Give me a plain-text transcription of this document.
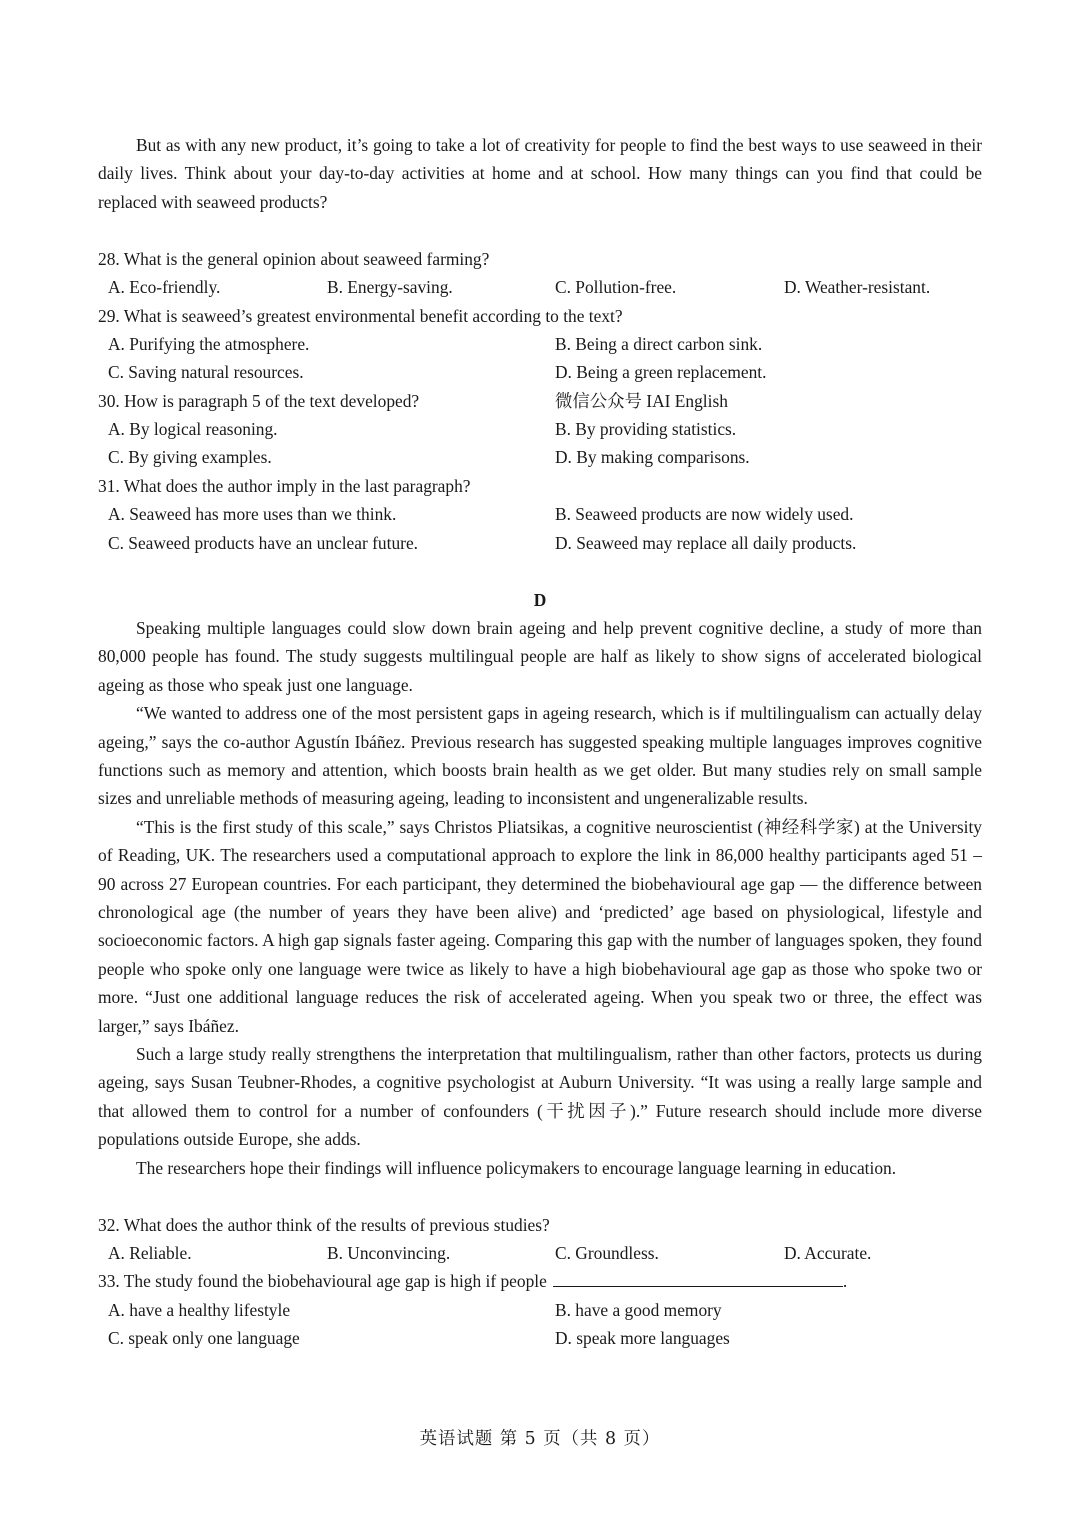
But as with any new product, it’s going to take a lot of creativity for people to find the best ways to use seaweed in their daily lives. Think about your day-to-day activities at home and at school. How many things can you find that could be replaced with seaweed products?

28. What is the general opinion about seaweed farming?

A. Eco-friendly.	B. Energy-saving.	C. Pollution-free.	D. Weather-resistant.

29. What is seaweed’s greatest environmental benefit according to the text?

A. Purifying the atmosphere.	B. Being a direct carbon sink.
C. Saving natural resources.	D. Being a green replacement.
30. How is paragraph 5 of the text developed?	微信公众号 IAI English
A. By logical reasoning.	B. By providing statistics.
C. By giving examples.	D. By making comparisons.

31. What does the author imply in the last paragraph?

A. Seaweed has more uses than we think.	B. Seaweed products are now widely used.
C. Seaweed products have an unclear future.	D. Seaweed may replace all daily products.

D

Speaking multiple languages could slow down brain ageing and help prevent cognitive decline, a study of more than 80,000 people has found. The study suggests multilingual people are half as likely to show signs of accelerated biological ageing as those who speak just one language.

“We wanted to address one of the most persistent gaps in ageing research, which is if multilingualism can actually delay ageing,” says the co-author Agustín Ibáñez. Previous research has suggested speaking multiple languages improves cognitive functions such as memory and attention, which boosts brain health as we get older. But many studies rely on small sample sizes and unreliable methods of measuring ageing, leading to inconsistent and ungeneralizable results.

“This is the first study of this scale,” says Christos Pliatsikas, a cognitive neuroscientist (神经科学家) at the University of Reading, UK. The researchers used a computational approach to explore the link in 86,000 healthy participants aged 51 – 90 across 27 European countries. For each participant, they determined the biobehavioural age gap — the difference between chronological age (the number of years they have been alive) and ‘predicted’ age based on physiological, lifestyle and socioeconomic factors. A high gap signals faster ageing. Comparing this gap with the number of languages spoken, they found people who spoke only one language were twice as likely to have a high biobehavioural age gap as those who spoke two or more. “Just one additional language reduces the risk of accelerated ageing. When you speak two or three, the effect was larger,” says Ibáñez.

Such a large study really strengthens the interpretation that multilingualism, rather than other factors, protects us during ageing, says Susan Teubner-Rhodes, a cognitive psychologist at Auburn University. “It was using a really large sample and that allowed them to control for a number of confounders (干扰因子).” Future research should include more diverse populations outside Europe, she adds.

The researchers hope their findings will influence policymakers to encourage language learning in education.

32. What does the author think of the results of previous studies?

A. Reliable.	B. Unconvincing.	C. Groundless.	D. Accurate.

33. The study found the biobehavioural age gap is high if people	.

A. have a healthy lifestyle	B. have a good memory
C. speak only one language	D. speak more languages
英语试题 第 5 页（共 8 页）
